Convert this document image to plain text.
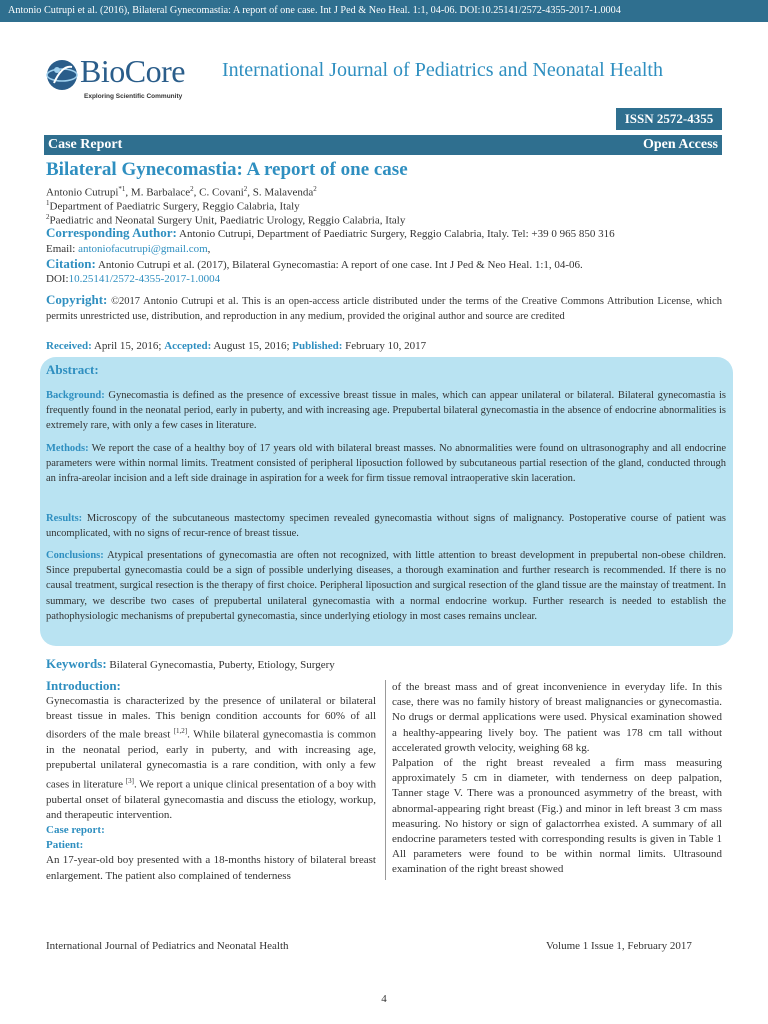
Antonio Cutrupi et al. (2016), Bilateral Gynecomastia: A report of one case. Int J Ped & Neo Heal. 1:1, 04-06. DOI:10.25141/2572-4355-2017-1.0004
BioCore
Exploring Scientific Community
International Journal of Pediatrics and Neonatal Health
ISSN 2572-4355
Case Report	Open Access
Bilateral Gynecomastia: A report of one case
Antonio Cutrupi$^{*1}$, M. Barbalace$^2$, C. Covani$^2$, S. Malavenda$^2$
$^1$Department of Paediatric Surgery, Reggio Calabria, Italy
$^2$Paediatric and Neonatal Surgery Unit, Paediatric Urology, Reggio Calabria, Italy
Corresponding Author: Antonio Cutrupi, Department of Paediatric Surgery, Reggio Calabria, Italy. Tel: +39 0 965 850 316
Email: antoniofacutrupi@gmail.com,
Citation: Antonio Cutrupi et al. (2017), Bilateral Gynecomastia: A report of one case. Int J Ped & Neo Heal. 1:1, 04-06.
DOI:10.25141/2572-4355-2017-1.0004
Copyright: ©2017 Antonio Cutrupi et al. This is an open-access article distributed under the terms of the Creative Commons Attribution License, which permits unrestricted use, distribution, and reproduction in any medium, provided the original author and source are credited
Received: April 15, 2016; Accepted: August 15, 2016; Published: February 10, 2017
Abstract:
Background: Gynecomastia is defined as the presence of excessive breast tissue in males, which can appear unilateral or bilateral. Bilateral gynecomastia is frequently found in the neonatal period, early in puberty, and with increasing age. Prepubertal bilateral gynecomastia in the absence of endocrine abnormalities is extremely rare, with only a few cases in literature.
Methods: We report the case of a healthy boy of 17 years old with bilateral breast masses. No abnormalities were found on ultrasonography and all endocrine parameters were within normal limits. Treatment consisted of peripheral liposuction followed by subcutaneous partial resection of the gland, conducted through an infra-areolar incision and a left side drainage in aspiration for a week for firm tissue removal intraoperative skin laceration.
Results: Microscopy of the subcutaneous mastectomy specimen revealed gynecomastia without signs of malignancy. Postoperative course of patient was uncomplicated, with no signs of recur-rence of breast tissue.
Conclusions: Atypical presentations of gynecomastia are often not recognized, with little attention to breast development in prepubertal non-obese children. Since prepubertal gynecomastia could be a sign of possible underlying diseases, a thorough examination and further research is recommended. If there is no causal treatment, surgical resection is the therapy of first choice. Peripheral liposuction and surgical resection of the gland tissue are the mainstay of treatment. In summary, we describe two cases of prepubertal unilateral gynecomastia with a normal endocrine workup. Further research is needed to establish the pathophysiologic mechanisms of prepubertal gynecomastia, since underlying etiology in most cases remains unclear.
Keywords: Bilateral Gynecomastia, Puberty, Etiology, Surgery
Introduction:

Gynecomastia is characterized by the presence of unilateral or bilateral breast tissue in males. This benign condition accounts for 60% of all disorders of the male breast [1,2]. While bilateral gynecomastia is common in the neonatal period, early in puberty, and with increasing age, prepubertal unilateral gynecomastia is a rare condition, with only a few cases in literature [3]. We report a unique clinical presentation of a boy with pubertal onset of bilateral gynecomastia and discuss the etiology, workup, and therapeutic intervention.

Case report:
Patient:

An 17-year-old boy presented with a 18-months history of bilateral breast enlargement. The patient also complained of tenderness

of the breast mass and of great inconvenience in everyday life. In this case, there was no family history of breast malignancies or gynecomastia. No drugs or dermal applications were used. Physical examination showed a healthy-appearing lively boy. The patient was 178 cm tall without accelerated growth velocity, weighing 68 kg.

Palpation of the right breast revealed a firm mass measuring approximately 5 cm in diameter, with tenderness on deep palpation, Tanner stage V. There was a pronounced asymmetry of the breast, with abnormal-appearing right breast (Fig.) and minor in left breast 3 cm mass measuring. No history or sign of galactorrhea existed. A summary of all endocrine parameters tested with corresponding results is given in Table 1 All parameters were found to be within normal limits. Ultrasound examination of the right breast showed

International Journal of Pediatrics and Neonatal Health	Volume 1 Issue 1, February 2017
4
